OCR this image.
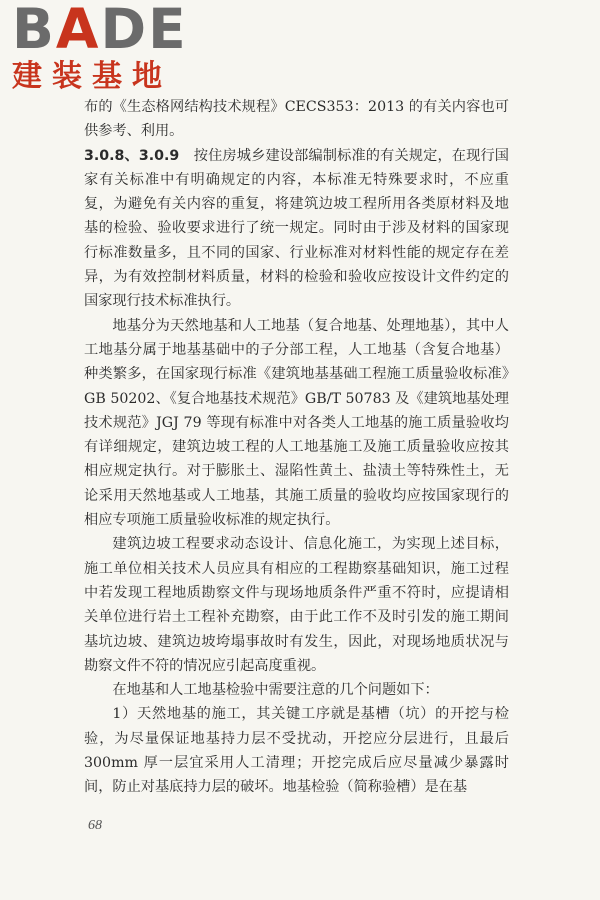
BADE
建装基地

布的《生态格网结构技术规程》CECS353：2013 的有关内容也可供参考、利用。

3.0.8、3.0.9　按住房城乡建设部编制标准的有关规定，在现行国家有关标准中有明确规定的内容，本标准无特殊要求时，不应重复，为避免有关内容的重复，将建筑边坡工程所用各类原材料及地基的检验、验收要求进行了统一规定。同时由于涉及材料的国家现行标准数量多，且不同的国家、行业标准对材料性能的规定存在差异，为有效控制材料质量，材料的检验和验收应按设计文件约定的国家现行技术标准执行。

地基分为天然地基和人工地基（复合地基、处理地基），其中人工地基分属于地基基础中的子分部工程，人工地基（含复合地基）种类繁多，在国家现行标准《建筑地基基础工程施工质量验收标准》GB 50202、《复合地基技术规范》GB/T 50783 及《建筑地基处理技术规范》JGJ 79 等现有标准中对各类人工地基的施工质量验收均有详细规定，建筑边坡工程的人工地基施工及施工质量验收应按其相应规定执行。对于膨胀土、湿陷性黄土、盐渍土等特殊性土，无论采用天然地基或人工地基，其施工质量的验收均应按国家现行的相应专项施工质量验收标准的规定执行。

建筑边坡工程要求动态设计、信息化施工，为实现上述目标，施工单位相关技术人员应具有相应的工程勘察基础知识，施工过程中若发现工程地质勘察文件与现场地质条件严重不符时，应提请相关单位进行岩土工程补充勘察，由于此工作不及时引发的施工期间基坑边坡、建筑边坡垮塌事故时有发生，因此，对现场地质状况与勘察文件不符的情况应引起高度重视。

在地基和人工地基检验中需要注意的几个问题如下：

1）天然地基的施工，其关键工序就是基槽（坑）的开挖与检验，为尽量保证地基持力层不受扰动，开挖应分层进行，且最后 300mm 厚一层宜采用人工清理；开挖完成后应尽量减少暴露时间，防止对基底持力层的破坏。地基检验（简称验槽）是在基

68
